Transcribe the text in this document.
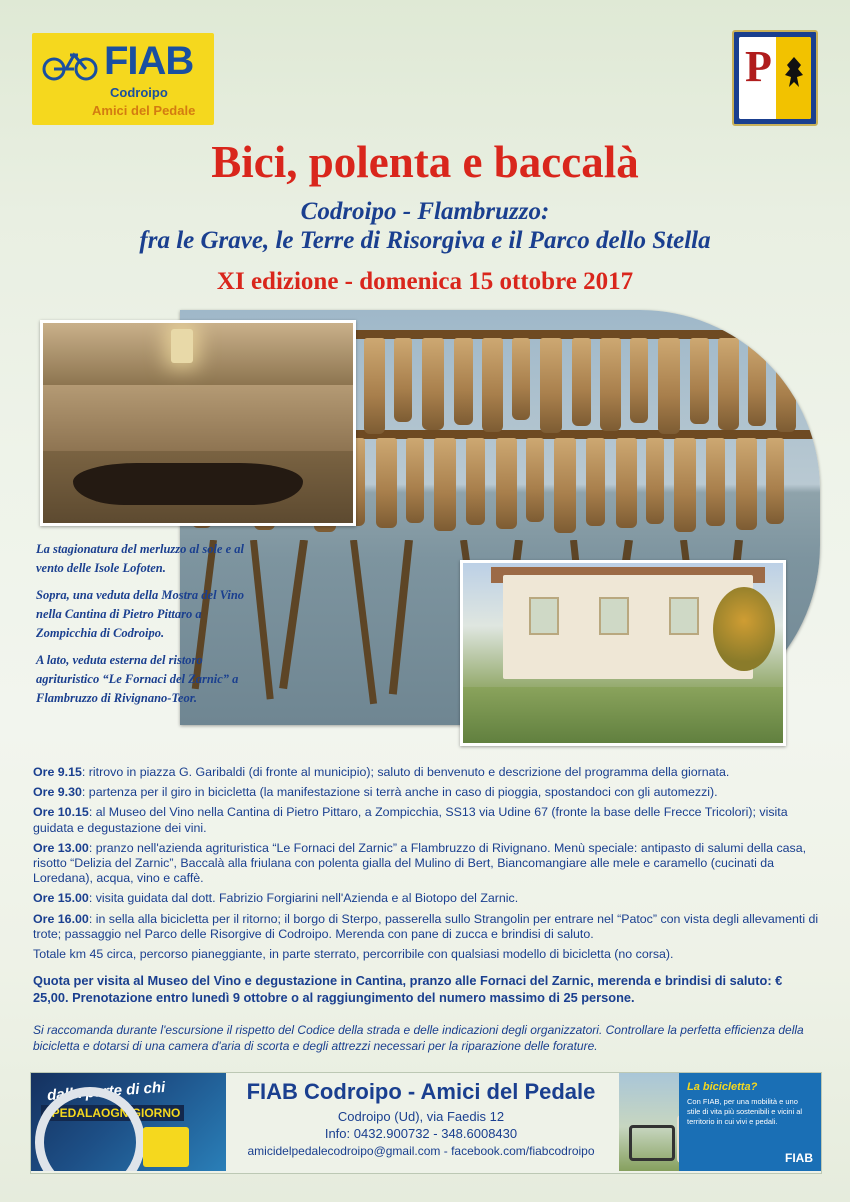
FIAB
Codroipo
Amici del Pedale
P
Bici, polenta e baccalà
Codroipo - Flambruzzo:
fra le Grave, le Terre di Risorgiva e il Parco dello Stella
XI edizione - domenica 15 ottobre 2017

La stagionatura del merluzzo al sole e al vento delle Isole Lofoten.

Sopra, una veduta della Mostra del Vino nella Cantina di Pietro Pittaro a Zompicchia di Codroipo.

A lato, veduta esterna del ristoro agrituristico “Le Fornaci del Zarnic” a Flambruzzo di Rivignano-Teor.

Ore 9.15: ritrovo in piazza G. Garibaldi (di fronte al municipio); saluto di benvenuto e descrizione del programma della giornata.

Ore 9.30: partenza per il giro in bicicletta (la manifestazione si terrà anche in caso di pioggia, spostandoci con gli automezzi).

Ore 10.15: al Museo del Vino nella Cantina di Pietro Pittaro, a Zompicchia, SS13 via Udine 67 (fronte la base delle Frecce Tricolori); visita guidata e degustazione dei vini.

Ore 13.00: pranzo nell'azienda agrituristica “Le Fornaci del Zarnic” a Flambruzzo di Rivignano. Menù speciale: antipasto di salumi della casa, risotto “Delizia del Zarnic”, Baccalà alla friulana con polenta gialla del Mulino di Bert, Biancomangiare alle mele e caramello (cucinati da Loredana), acqua, vino e caffè.

Ore 15.00: visita guidata dal dott. Fabrizio Forgiarini nell'Azienda e al Biotopo del Zarnic.

Ore 16.00: in sella alla bicicletta per il ritorno; il borgo di Sterpo, passerella sullo Strangolin per entrare nel “Patoc” con vista degli allevamenti di trote; passaggio nel Parco delle Risorgive di Codroipo. Merenda con pane di zucca e brindisi di saluto.

Totale km 45 circa, percorso pianeggiante, in parte sterrato, percorribile con qualsiasi modello di bicicletta (no corsa).

Quota per visita al Museo del Vino e degustazione in Cantina, pranzo alle Fornaci del Zarnic, merenda e brindisi di saluto: € 25,00. Prenotazione entro lunedì 9 ottobre o al raggiungimento del numero massimo di 25 persone.
Si raccomanda durante l'escursione il rispetto del Codice della strada e delle indicazioni degli organizzatori. Controllare la perfetta efficienza della bicicletta e dotarsi di una camera d'aria di scorta e degli attrezzi necessari per la riparazione delle forature.
dalla parte di chi
#PEDALAOGNIGIORNO
FIAB Codroipo - Amici del Pedale
Codroipo (Ud), via Faedis 12
Info: 0432.900732 - 348.6008430
amicidelpedalecodroipo@gmail.com - facebook.com/fiabcodroipo
La bicicletta?
Con FIAB, per una mobilità e uno stile di vita più sostenibili e vicini al territorio in cui vivi e pedali.
FIAB
